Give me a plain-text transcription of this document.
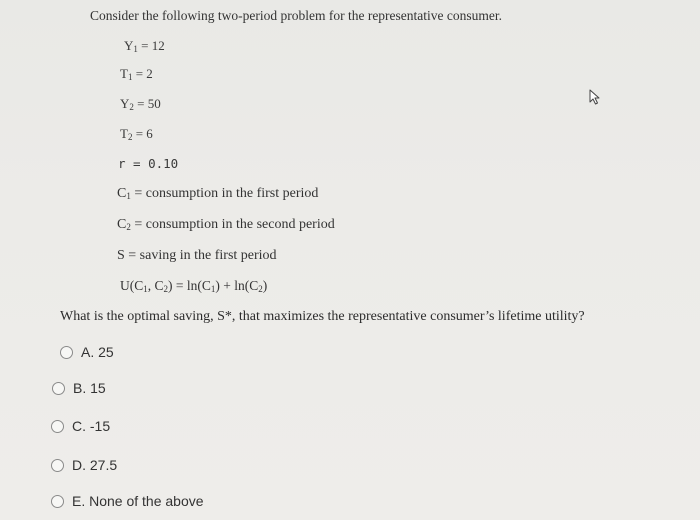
Consider the following two-period problem for the representative consumer.
$Y_1 = 12$
$T_1 = 2$
$Y_2 = 50$
$T_2 = 6$
r = 0.10
$C_1$ = consumption in the first period
$C_2$ = consumption in the second period
S = saving in the first period
$U(C_1$, $C_2) = \ln(C_1) + \ln(C_2)$
What is the optimal saving, S*, that maximizes the representative consumer’s lifetime utility?
A. 25
B. 15
C. -15
D. 27.5
E. None of the above
